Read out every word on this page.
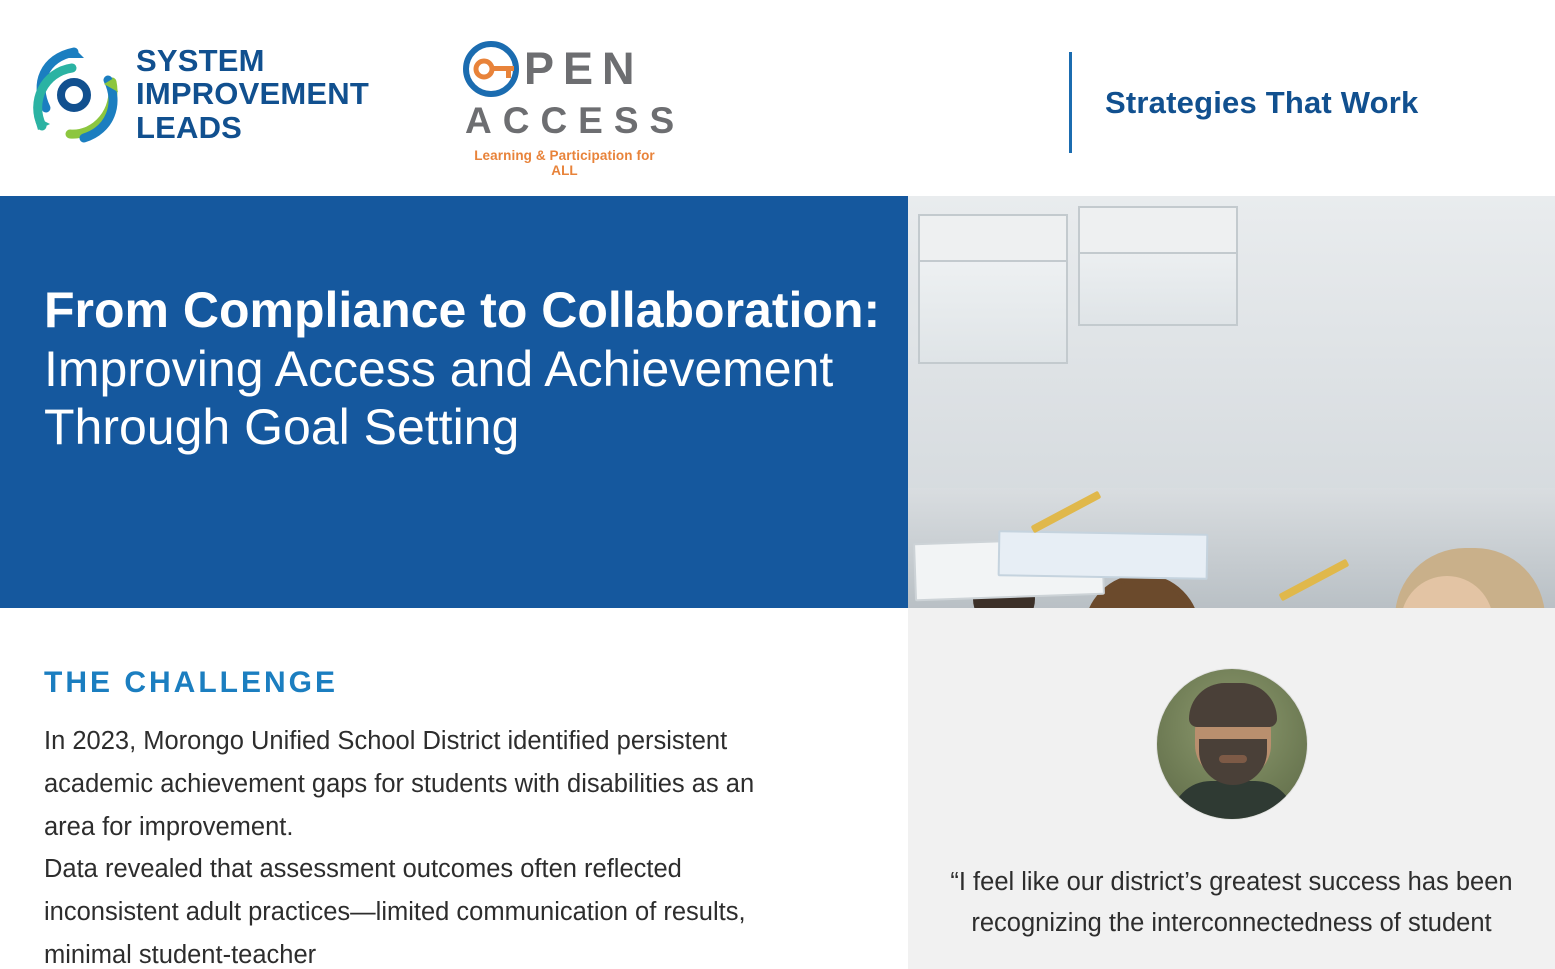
SYSTEM
IMPROVEMENT
LEADS
PEN
ACCESS
Learning & Participation for ALL
Strategies That Work
From Compliance to Collaboration: Improving Access and Achievement Through Goal Setting
THE CHALLENGE

In 2023, Morongo Unified School District identified persistent academic achievement gaps for students with disabilities as an area for improvement.

Data revealed that assessment outcomes often reflected inconsistent adult practices—limited communication of results, minimal student-teacher

“I feel like our district’s greatest success has been recognizing the interconnectedness of student
